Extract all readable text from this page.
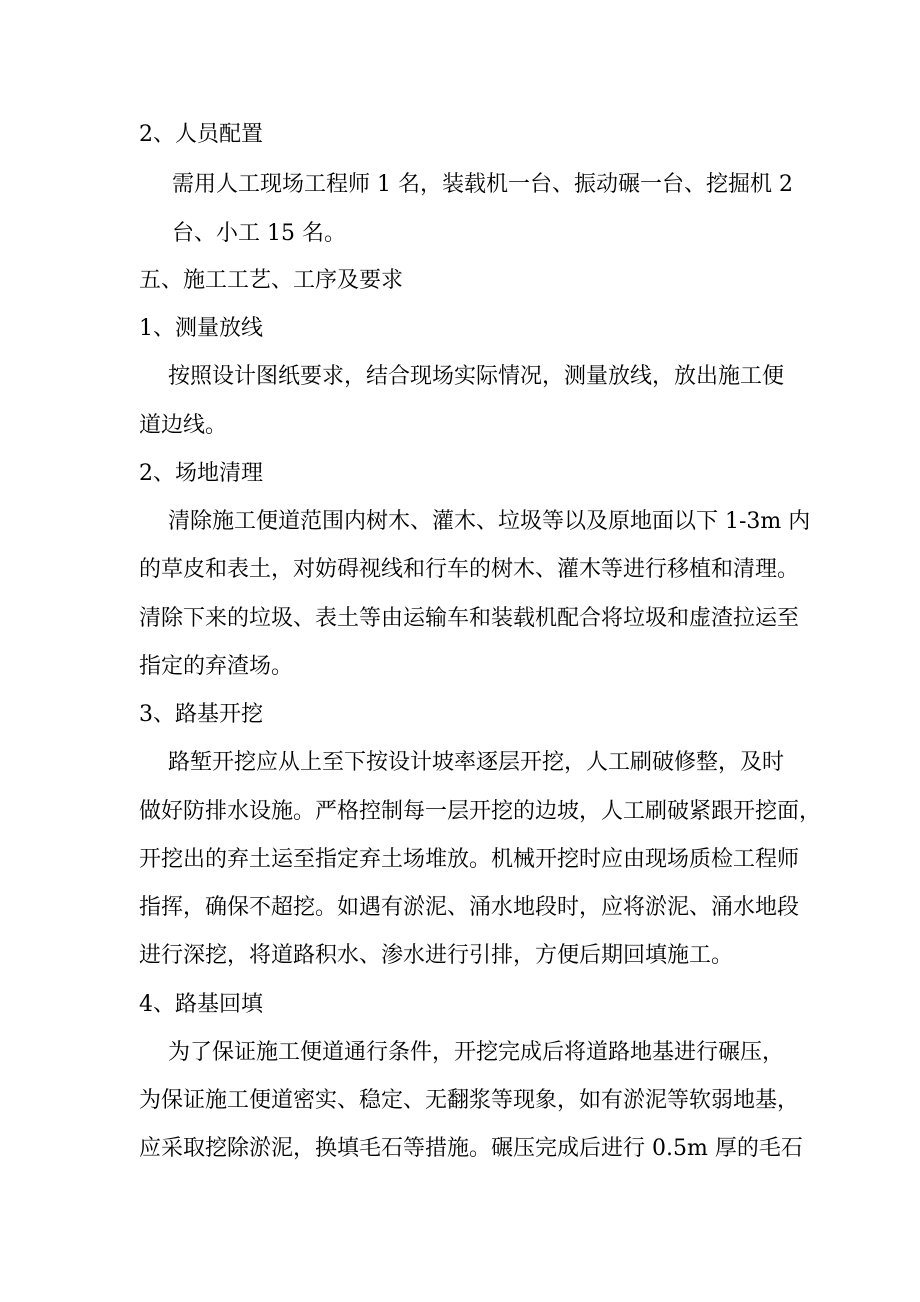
2、人员配置
需用人工现场工程师 1 名，装载机一台、振动碾一台、挖掘机 2
台、小工 15 名。
五、施工工艺、工序及要求
1、测量放线
按照设计图纸要求，结合现场实际情况，测量放线，放出施工便
道边线。
2、场地清理
清除施工便道范围内树木、灌木、垃圾等以及原地面以下 1-3m 内
的草皮和表土，对妨碍视线和行车的树木、灌木等进行移植和清理。
清除下来的垃圾、表土等由运输车和装载机配合将垃圾和虚渣拉运至
指定的弃渣场。
3、路基开挖
路堑开挖应从上至下按设计坡率逐层开挖，人工刷破修整，及时
做好防排水设施。严格控制每一层开挖的边坡，人工刷破紧跟开挖面，
开挖出的弃土运至指定弃土场堆放。机械开挖时应由现场质检工程师
指挥，确保不超挖。如遇有淤泥、涌水地段时，应将淤泥、涌水地段
进行深挖，将道路积水、渗水进行引排，方便后期回填施工。
4、路基回填
为了保证施工便道通行条件，开挖完成后将道路地基进行碾压，
为保证施工便道密实、稳定、无翻浆等现象，如有淤泥等软弱地基，
应采取挖除淤泥，换填毛石等措施。碾压完成后进行 0.5m 厚的毛石
